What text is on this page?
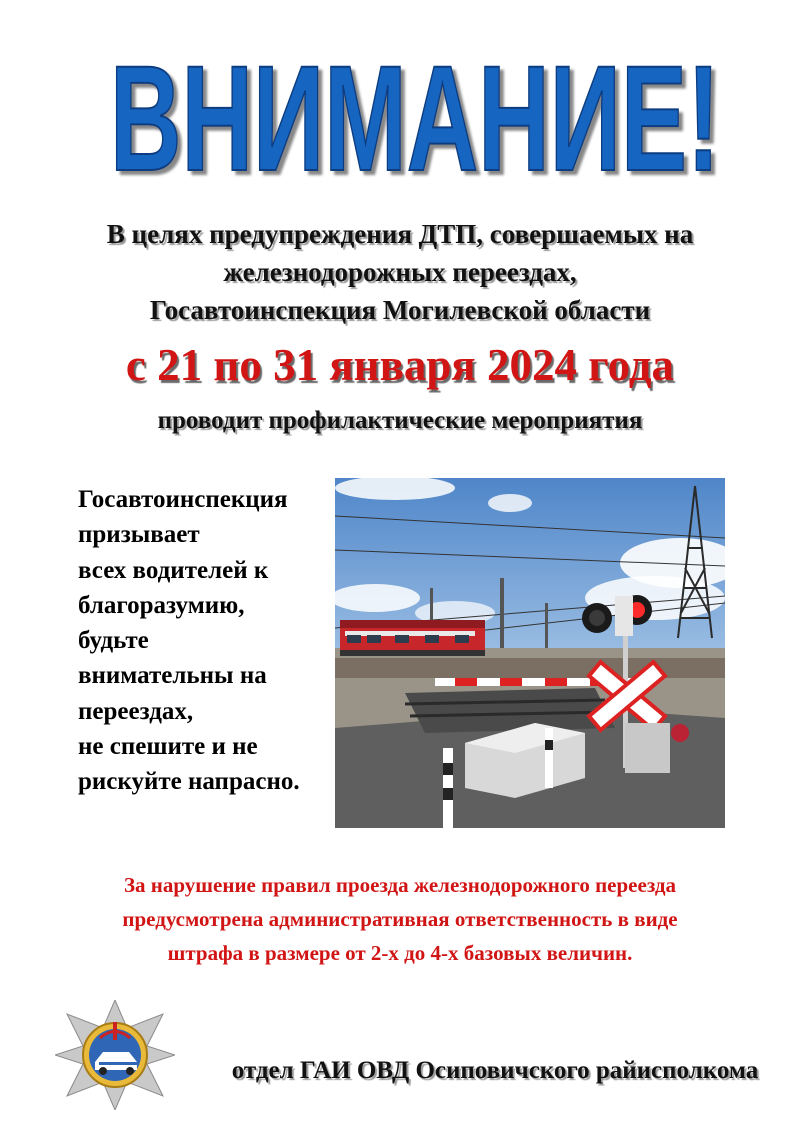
ВНИМАНИЕ!
В целях предупреждения ДТП, совершаемых на
железнодорожных переездах,
Госавтоинспекция Могилевской области
с 21 по 31 января 2024 года
проводит профилактические мероприятия
Госавтоинспекция
призывает
всех водителей к
благоразумию,
будьте
внимательны на
переездах,
не спешите и не
рискуйте напрасно.
За нарушение правил проезда железнодорожного переезда
предусмотрена административная ответственность в виде
штрафа в размере от 2-х до 4-х базовых величин.
отдел ГАИ ОВД Осиповичского райисполкома
